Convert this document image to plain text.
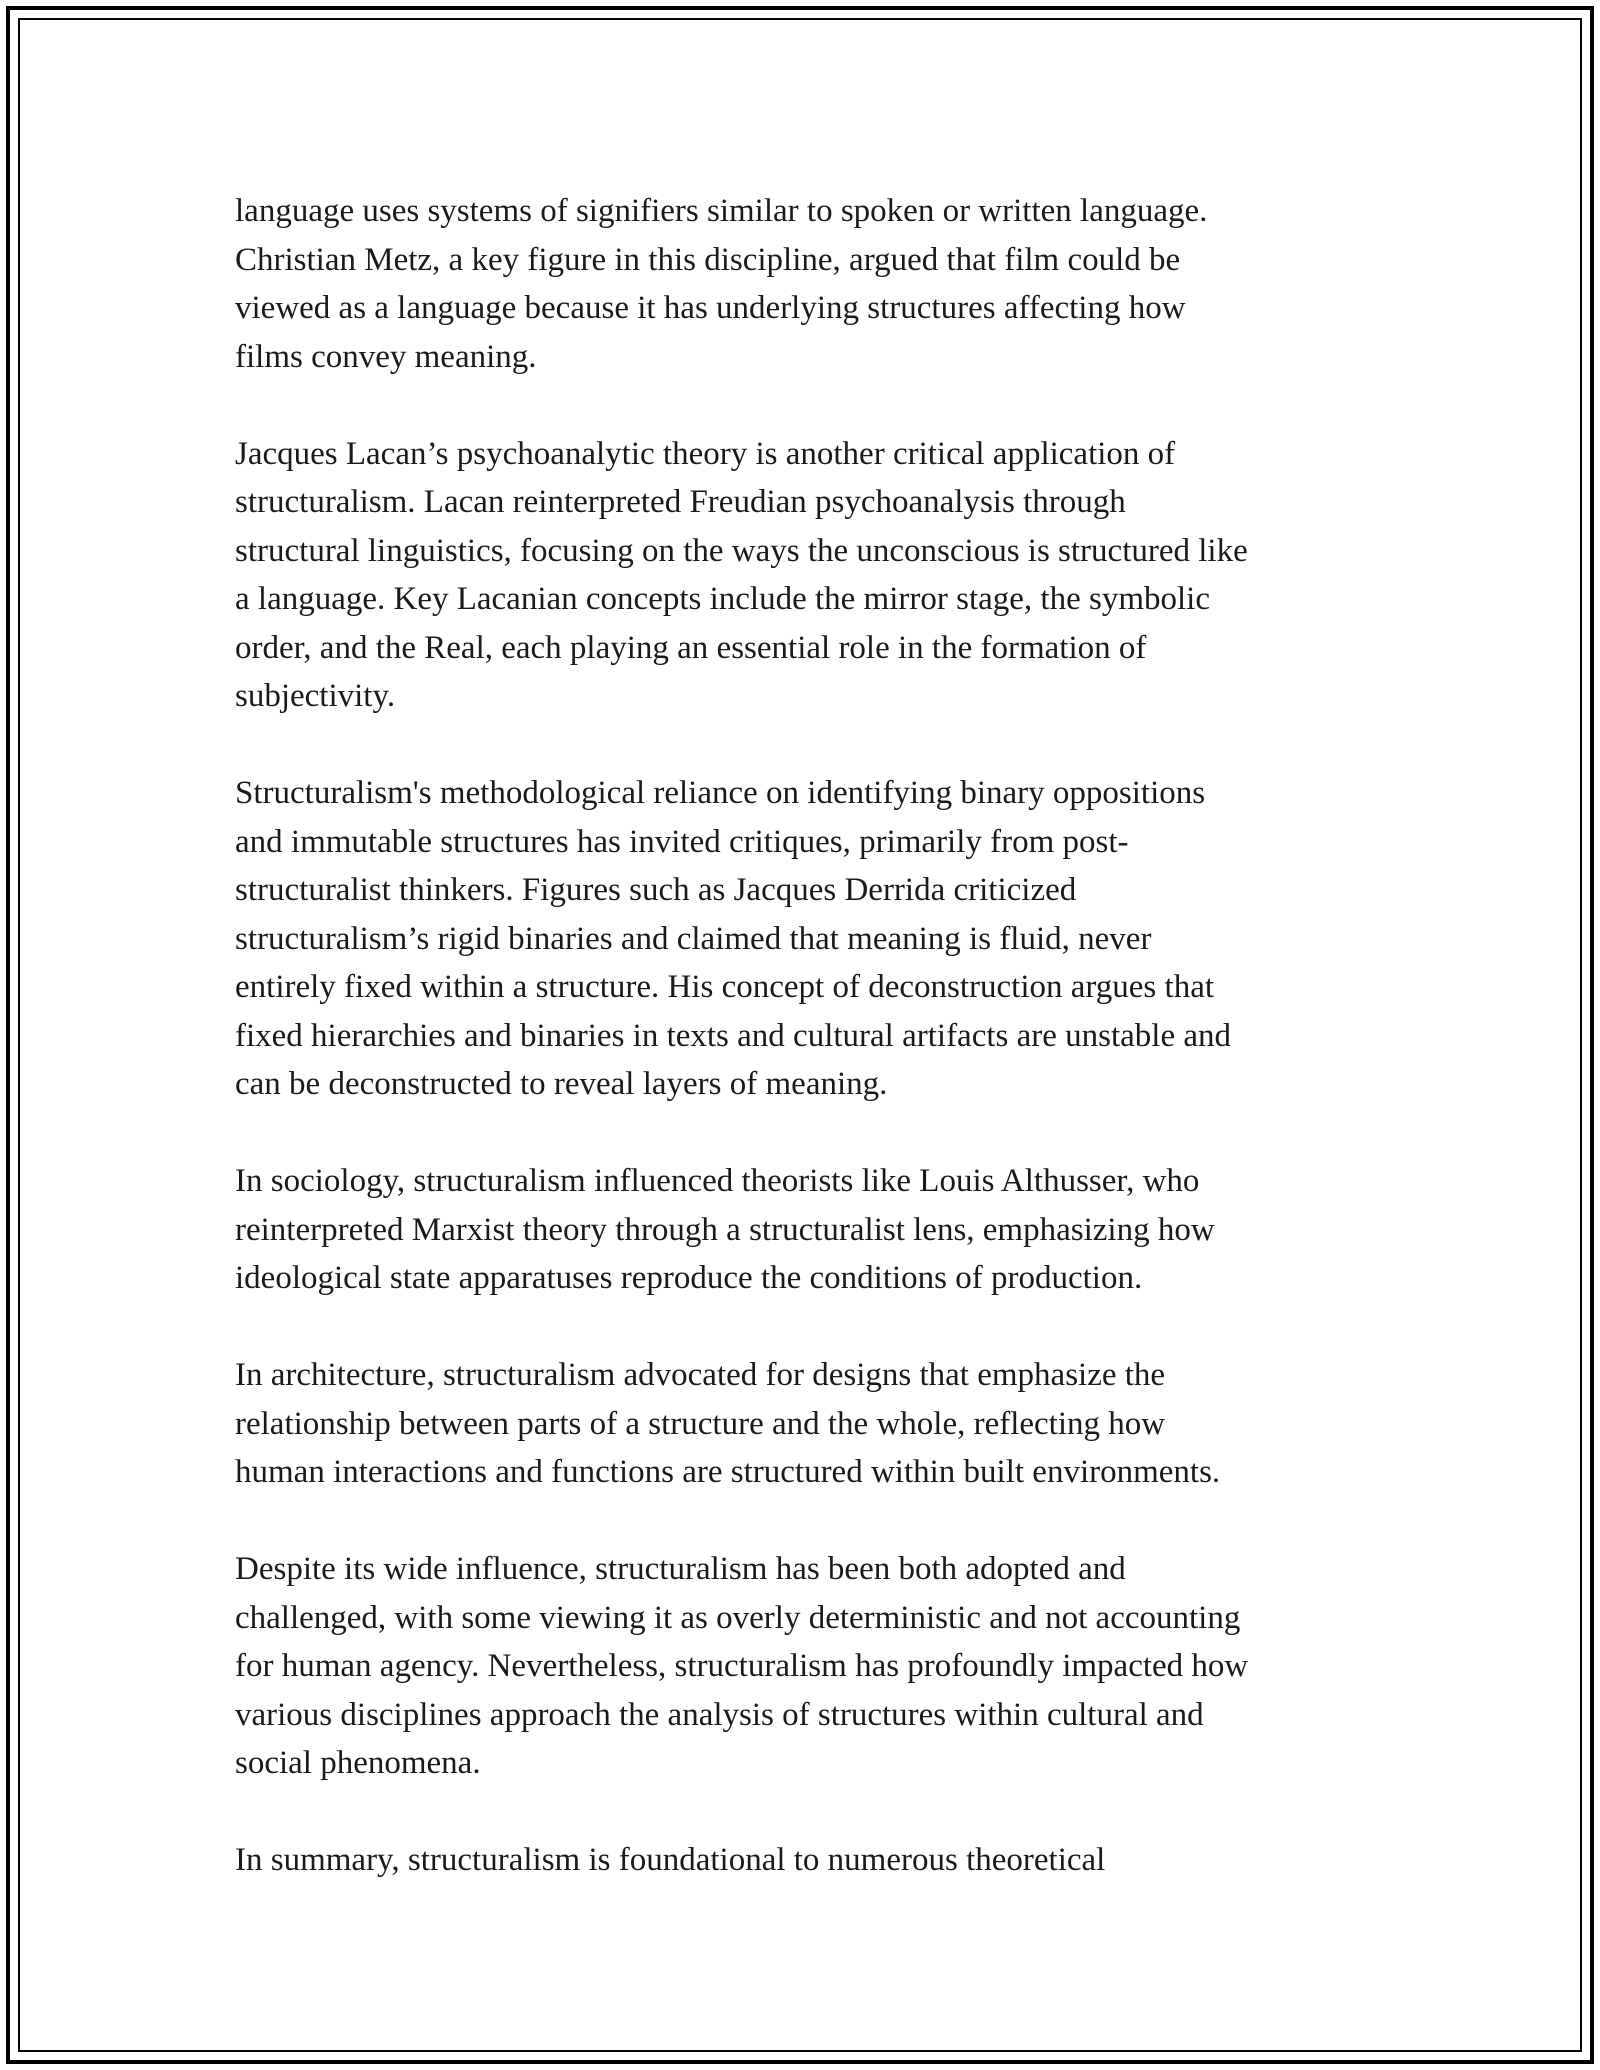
language uses systems of signifiers similar to spoken or written language.
Christian Metz, a key figure in this discipline, argued that film could be
viewed as a language because it has underlying structures affecting how
films convey meaning.

Jacques Lacan’s psychoanalytic theory is another critical application of
structuralism. Lacan reinterpreted Freudian psychoanalysis through
structural linguistics, focusing on the ways the unconscious is structured like
a language. Key Lacanian concepts include the mirror stage, the symbolic
order, and the Real, each playing an essential role in the formation of
subjectivity.

Structuralism's methodological reliance on identifying binary oppositions
and immutable structures has invited critiques, primarily from post-
structuralist thinkers. Figures such as Jacques Derrida criticized
structuralism’s rigid binaries and claimed that meaning is fluid, never
entirely fixed within a structure. His concept of deconstruction argues that
fixed hierarchies and binaries in texts and cultural artifacts are unstable and
can be deconstructed to reveal layers of meaning.

In sociology, structuralism influenced theorists like Louis Althusser, who
reinterpreted Marxist theory through a structuralist lens, emphasizing how
ideological state apparatuses reproduce the conditions of production.

In architecture, structuralism advocated for designs that emphasize the
relationship between parts of a structure and the whole, reflecting how
human interactions and functions are structured within built environments.

Despite its wide influence, structuralism has been both adopted and
challenged, with some viewing it as overly deterministic and not accounting
for human agency. Nevertheless, structuralism has profoundly impacted how
various disciplines approach the analysis of structures within cultural and
social phenomena.

In summary, structuralism is foundational to numerous theoretical
